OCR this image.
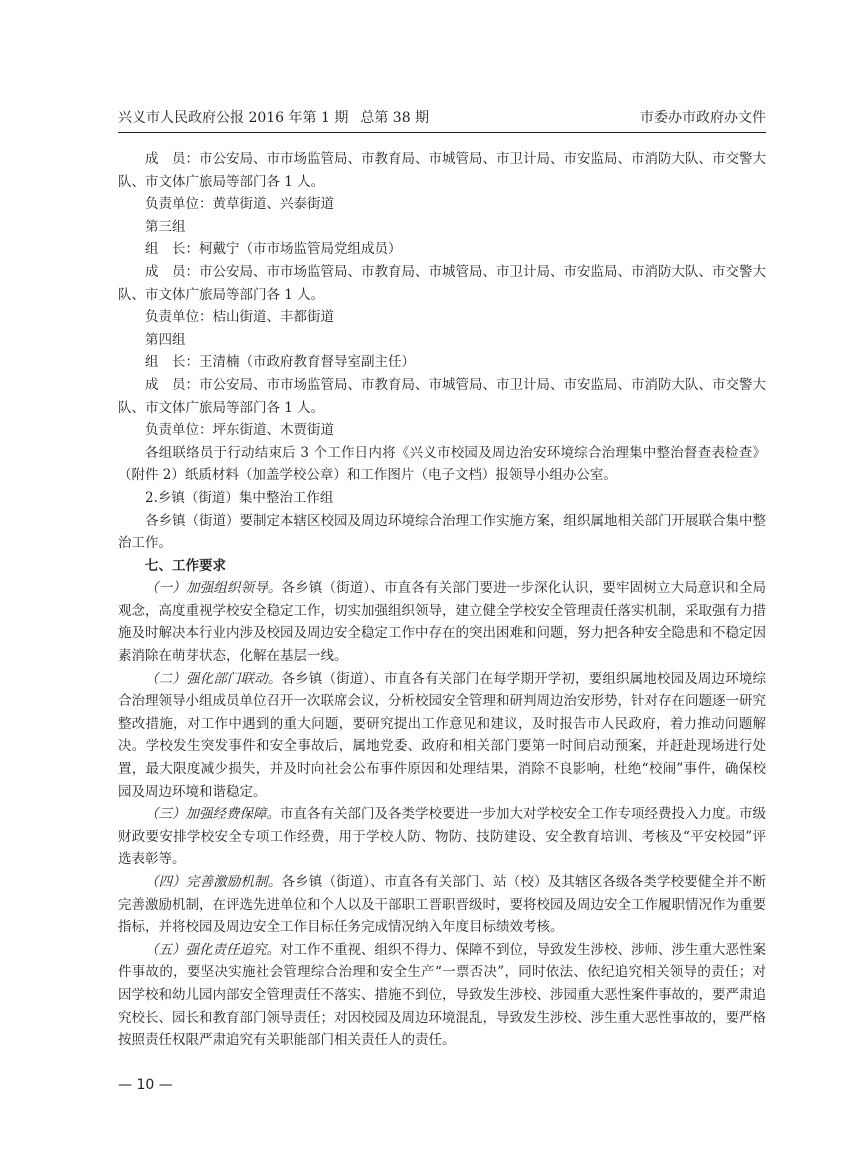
兴义市人民政府公报 2016 年第 1 期 总第 38 期	市委办市政府办文件

成　员：市公安局、市市场监管局、市教育局、市城管局、市卫计局、市安监局、市消防大队、市交警大队、市文体广旅局等部门各 1 人。

负责单位：黄草街道、兴泰街道

第三组

组　长：柯戴宁（市市场监管局党组成员）

成　员：市公安局、市市场监管局、市教育局、市城管局、市卫计局、市安监局、市消防大队、市交警大队、市文体广旅局等部门各 1 人。

负责单位：桔山街道、丰都街道

第四组

组　长：王清楠（市政府教育督导室副主任）

成　员：市公安局、市市场监管局、市教育局、市城管局、市卫计局、市安监局、市消防大队、市交警大队、市文体广旅局等部门各 1 人。

负责单位：坪东街道、木贾街道

各组联络员于行动结束后 3 个工作日内将《兴义市校园及周边治安环境综合治理集中整治督查表检查》（附件 2）纸质材料（加盖学校公章）和工作图片（电子文档）报领导小组办公室。

2.乡镇（街道）集中整治工作组

各乡镇（街道）要制定本辖区校园及周边环境综合治理工作实施方案，组织属地相关部门开展联合集中整治工作。

七、工作要求

（一）加强组织领导。各乡镇（街道）、市直各有关部门要进一步深化认识，要牢固树立大局意识和全局观念，高度重视学校安全稳定工作，切实加强组织领导，建立健全学校安全管理责任落实机制，采取强有力措施及时解决本行业内涉及校园及周边安全稳定工作中存在的突出困难和问题，努力把各种安全隐患和不稳定因素消除在萌芽状态，化解在基层一线。

（二）强化部门联动。各乡镇（街道）、市直各有关部门在每学期开学初，要组织属地校园及周边环境综合治理领导小组成员单位召开一次联席会议，分析校园安全管理和研判周边治安形势，针对存在问题逐一研究整改措施，对工作中遇到的重大问题，要研究提出工作意见和建议，及时报告市人民政府，着力推动问题解决。学校发生突发事件和安全事故后，属地党委、政府和相关部门要第一时间启动预案，并赶赴现场进行处置，最大限度减少损失，并及时向社会公布事件原因和处理结果，消除不良影响，杜绝“校闹”事件，确保校园及周边环境和谐稳定。

（三）加强经费保障。市直各有关部门及各类学校要进一步加大对学校安全工作专项经费投入力度。市级财政要安排学校安全专项工作经费，用于学校人防、物防、技防建设、安全教育培训、考核及“平安校园”评选表彰等。

（四）完善激励机制。各乡镇（街道）、市直各有关部门、站（校）及其辖区各级各类学校要健全并不断完善激励机制，在评选先进单位和个人以及干部职工晋职晋级时，要将校园及周边安全工作履职情况作为重要指标，并将校园及周边安全工作目标任务完成情况纳入年度目标绩效考核。

（五）强化责任追究。对工作不重视、组织不得力、保障不到位，导致发生涉校、涉师、涉生重大恶性案件事故的，要坚决实施社会管理综合治理和安全生产“一票否决”，同时依法、依纪追究相关领导的责任；对因学校和幼儿园内部安全管理责任不落实、措施不到位，导致发生涉校、涉园重大恶性案件事故的，要严肃追究校长、园长和教育部门领导责任；对因校园及周边环境混乱，导致发生涉校、涉生重大恶性事故的，要严格按照责任权限严肃追究有关职能部门相关责任人的责任。

— 10 —
